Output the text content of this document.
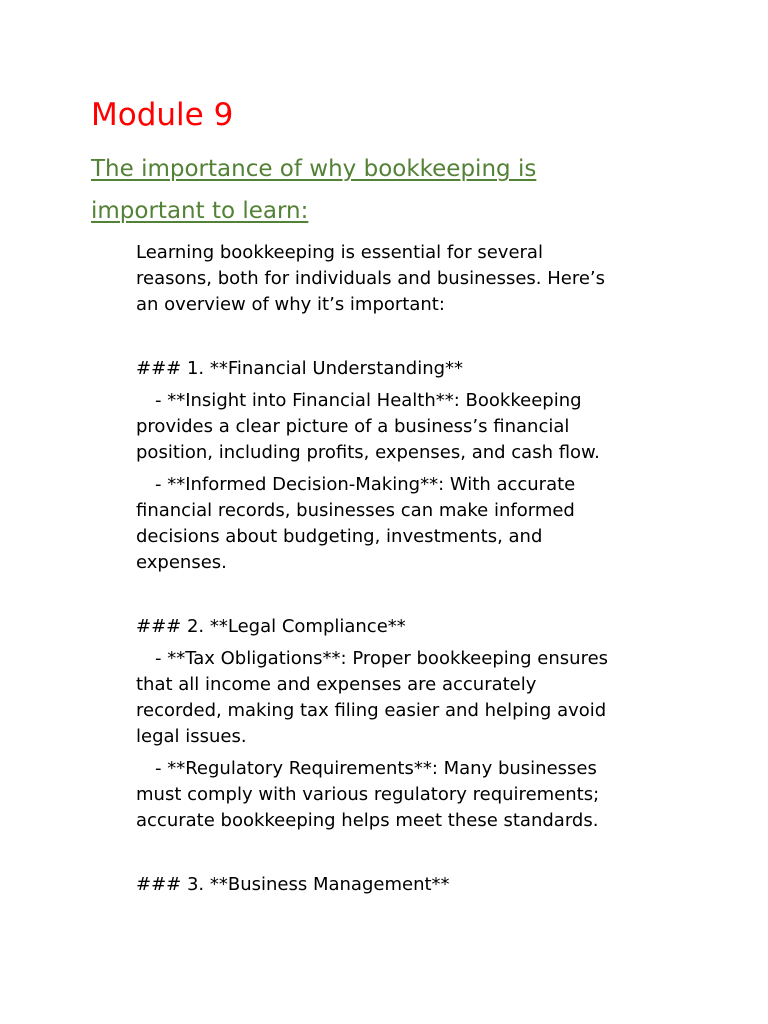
Module 9
The importance of why bookkeeping is
important to learn:

Learning bookkeeping is essential for several

reasons, both for individuals and businesses. Here’s

an overview of why it’s important:

### 1. **Financial Understanding**

- **Insight into Financial Health**: Bookkeeping

provides a clear picture of a business’s financial

position, including profits, expenses, and cash flow.

- **Informed Decision-Making**: With accurate

financial records, businesses can make informed

decisions about budgeting, investments, and

expenses.

### 2. **Legal Compliance**

- **Tax Obligations**: Proper bookkeeping ensures

that all income and expenses are accurately

recorded, making tax filing easier and helping avoid

legal issues.

- **Regulatory Requirements**: Many businesses

must comply with various regulatory requirements;

accurate bookkeeping helps meet these standards.

### 3. **Business Management**
